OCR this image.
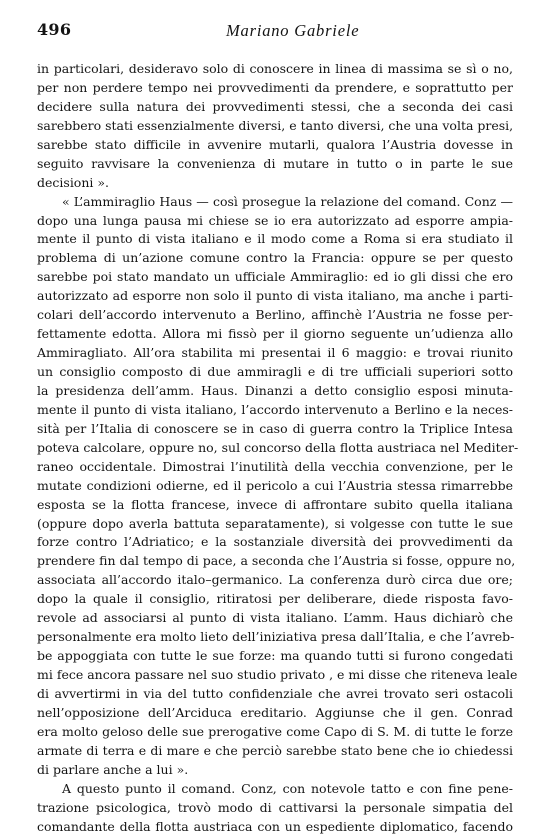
496	Mariano Gabriele
in particolari, desideravo solo di conoscere in linea di massima se sì o no,
per non perdere tempo nei provvedimenti da prendere, e soprattutto per
decidere sulla natura dei provvedimenti stessi, che a seconda dei casi
sarebbero stati essenzialmente diversi, e tanto diversi, che una volta presi,
sarebbe stato difficile in avvenire mutarli, qualora l’Austria dovesse in
seguito ravvisare la convenienza di mutare in tutto o in parte le sue
decisioni ».
« L’ammiraglio Haus — così prosegue la relazione del comand. Conz —
dopo una lunga pausa mi chiese se io era autorizzato ad esporre ampia-
mente il punto di vista italiano e il modo come a Roma si era studiato il
problema di un’azione comune contro la Francia: oppure se per questo
sarebbe poi stato mandato un ufficiale Ammiraglio: ed io gli dissi che ero
autorizzato ad esporre non solo il punto di vista italiano, ma anche i parti-
colari dell’accordo intervenuto a Berlino, affinchè l’Austria ne fosse per-
fettamente edotta. Allora mi fissò per il giorno seguente un’udienza allo
Ammiragliato. All’ora stabilita mi presentai il 6 maggio: e trovai riunito
un consiglio composto di due ammiragli e di tre ufficiali superiori sotto
la presidenza dell’amm. Haus. Dinanzi a detto consiglio esposi minuta-
mente il punto di vista italiano, l’accordo intervenuto a Berlino e la neces-
sità per l’Italia di conoscere se in caso di guerra contro la Triplice Intesa
poteva calcolare, oppure no, sul concorso della flotta austriaca nel Mediter-
raneo occidentale. Dimostrai l’inutilità della vecchia convenzione, per le
mutate condizioni odierne, ed il pericolo a cui l’Austria stessa rimarrebbe
esposta se la flotta francese, invece di affrontare subito quella italiana
(oppure dopo averla battuta separatamente), si volgesse con tutte le sue
forze contro l’Adriatico; e la sostanziale diversità dei provvedimenti da
prendere fin dal tempo di pace, a seconda che l’Austria si fosse, oppure no,
associata all’accordo italo–germanico. La conferenza durò circa due ore;
dopo la quale il consiglio, ritiratosi per deliberare, diede risposta favo-
revole ad associarsi al punto di vista italiano. L’amm. Haus dichiarò che
personalmente era molto lieto dell’iniziativa presa dall’Italia, e che l’avreb-
be appoggiata con tutte le sue forze: ma quando tutti si furono congedati
mi fece ancora passare nel suo studio privato , e mi disse che riteneva leale
di avvertirmi in via del tutto confidenziale che avrei trovato seri ostacoli
nell’opposizione dell’Arciduca ereditario. Aggiunse che il gen. Conrad
era molto geloso delle sue prerogative come Capo di S. M. di tutte le forze
armate di terra e di mare e che perciò sarebbe stato bene che io chiedessi
di parlare anche a lui ».
A questo punto il comand. Conz, con notevole tatto e con fine pene-
trazione psicologica, trovò modo di cattivarsi la personale simpatia del
comandante della flotta austriaca con un espediente diplomatico, facendo
